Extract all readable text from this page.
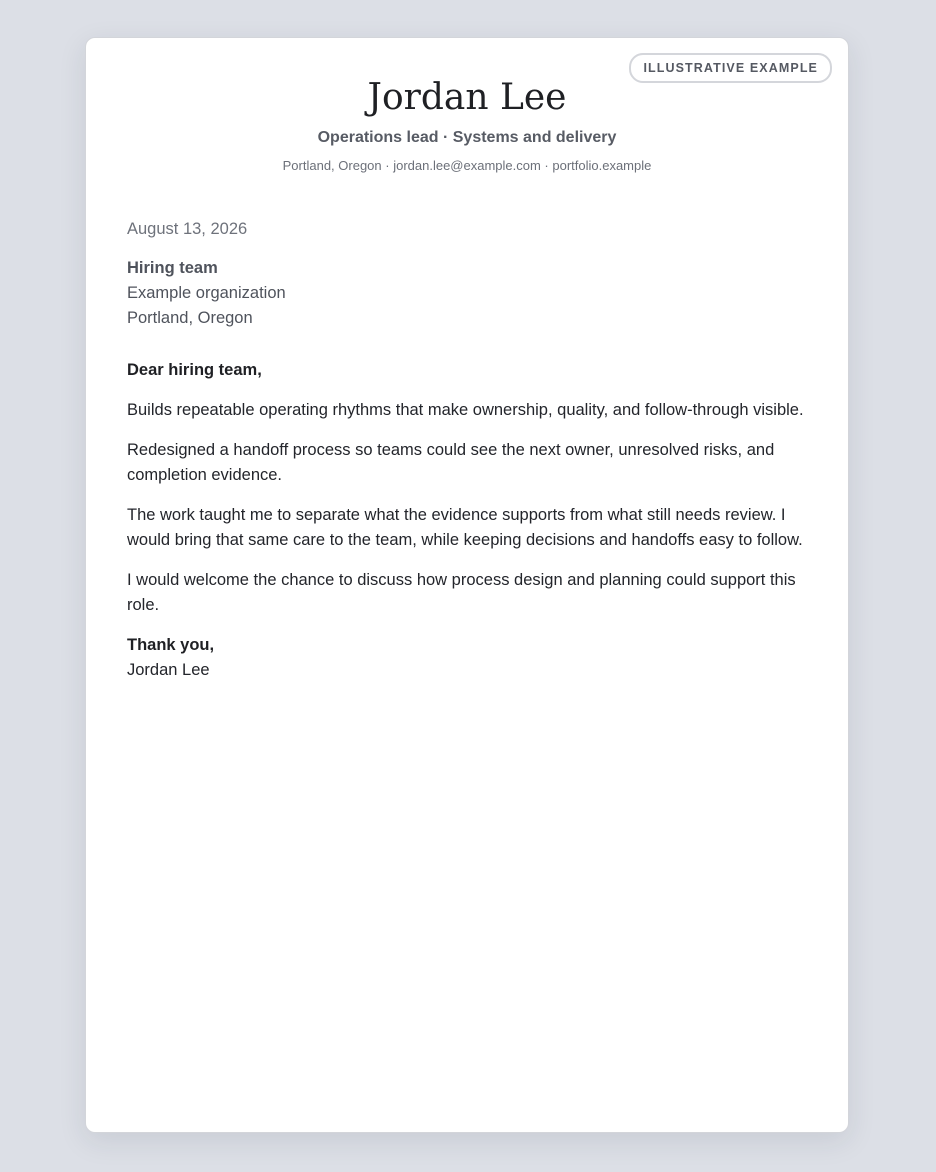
ILLUSTRATIVE EXAMPLE
Jordan Lee
Operations lead · Systems and delivery
Portland, Oregon · jordan.lee@example.com · portfolio.example
August 13, 2026
Hiring team
Example organization
Portland, Oregon
Dear hiring team,
Builds repeatable operating rhythms that make ownership, quality, and follow-through visible.
Redesigned a handoff process so teams could see the next owner, unresolved risks, and completion evidence.
The work taught me to separate what the evidence supports from what still needs review. I would bring that same care to the team, while keeping decisions and handoffs easy to follow.
I would welcome the chance to discuss how process design and planning could support this role.
Thank you,
Jordan Lee
